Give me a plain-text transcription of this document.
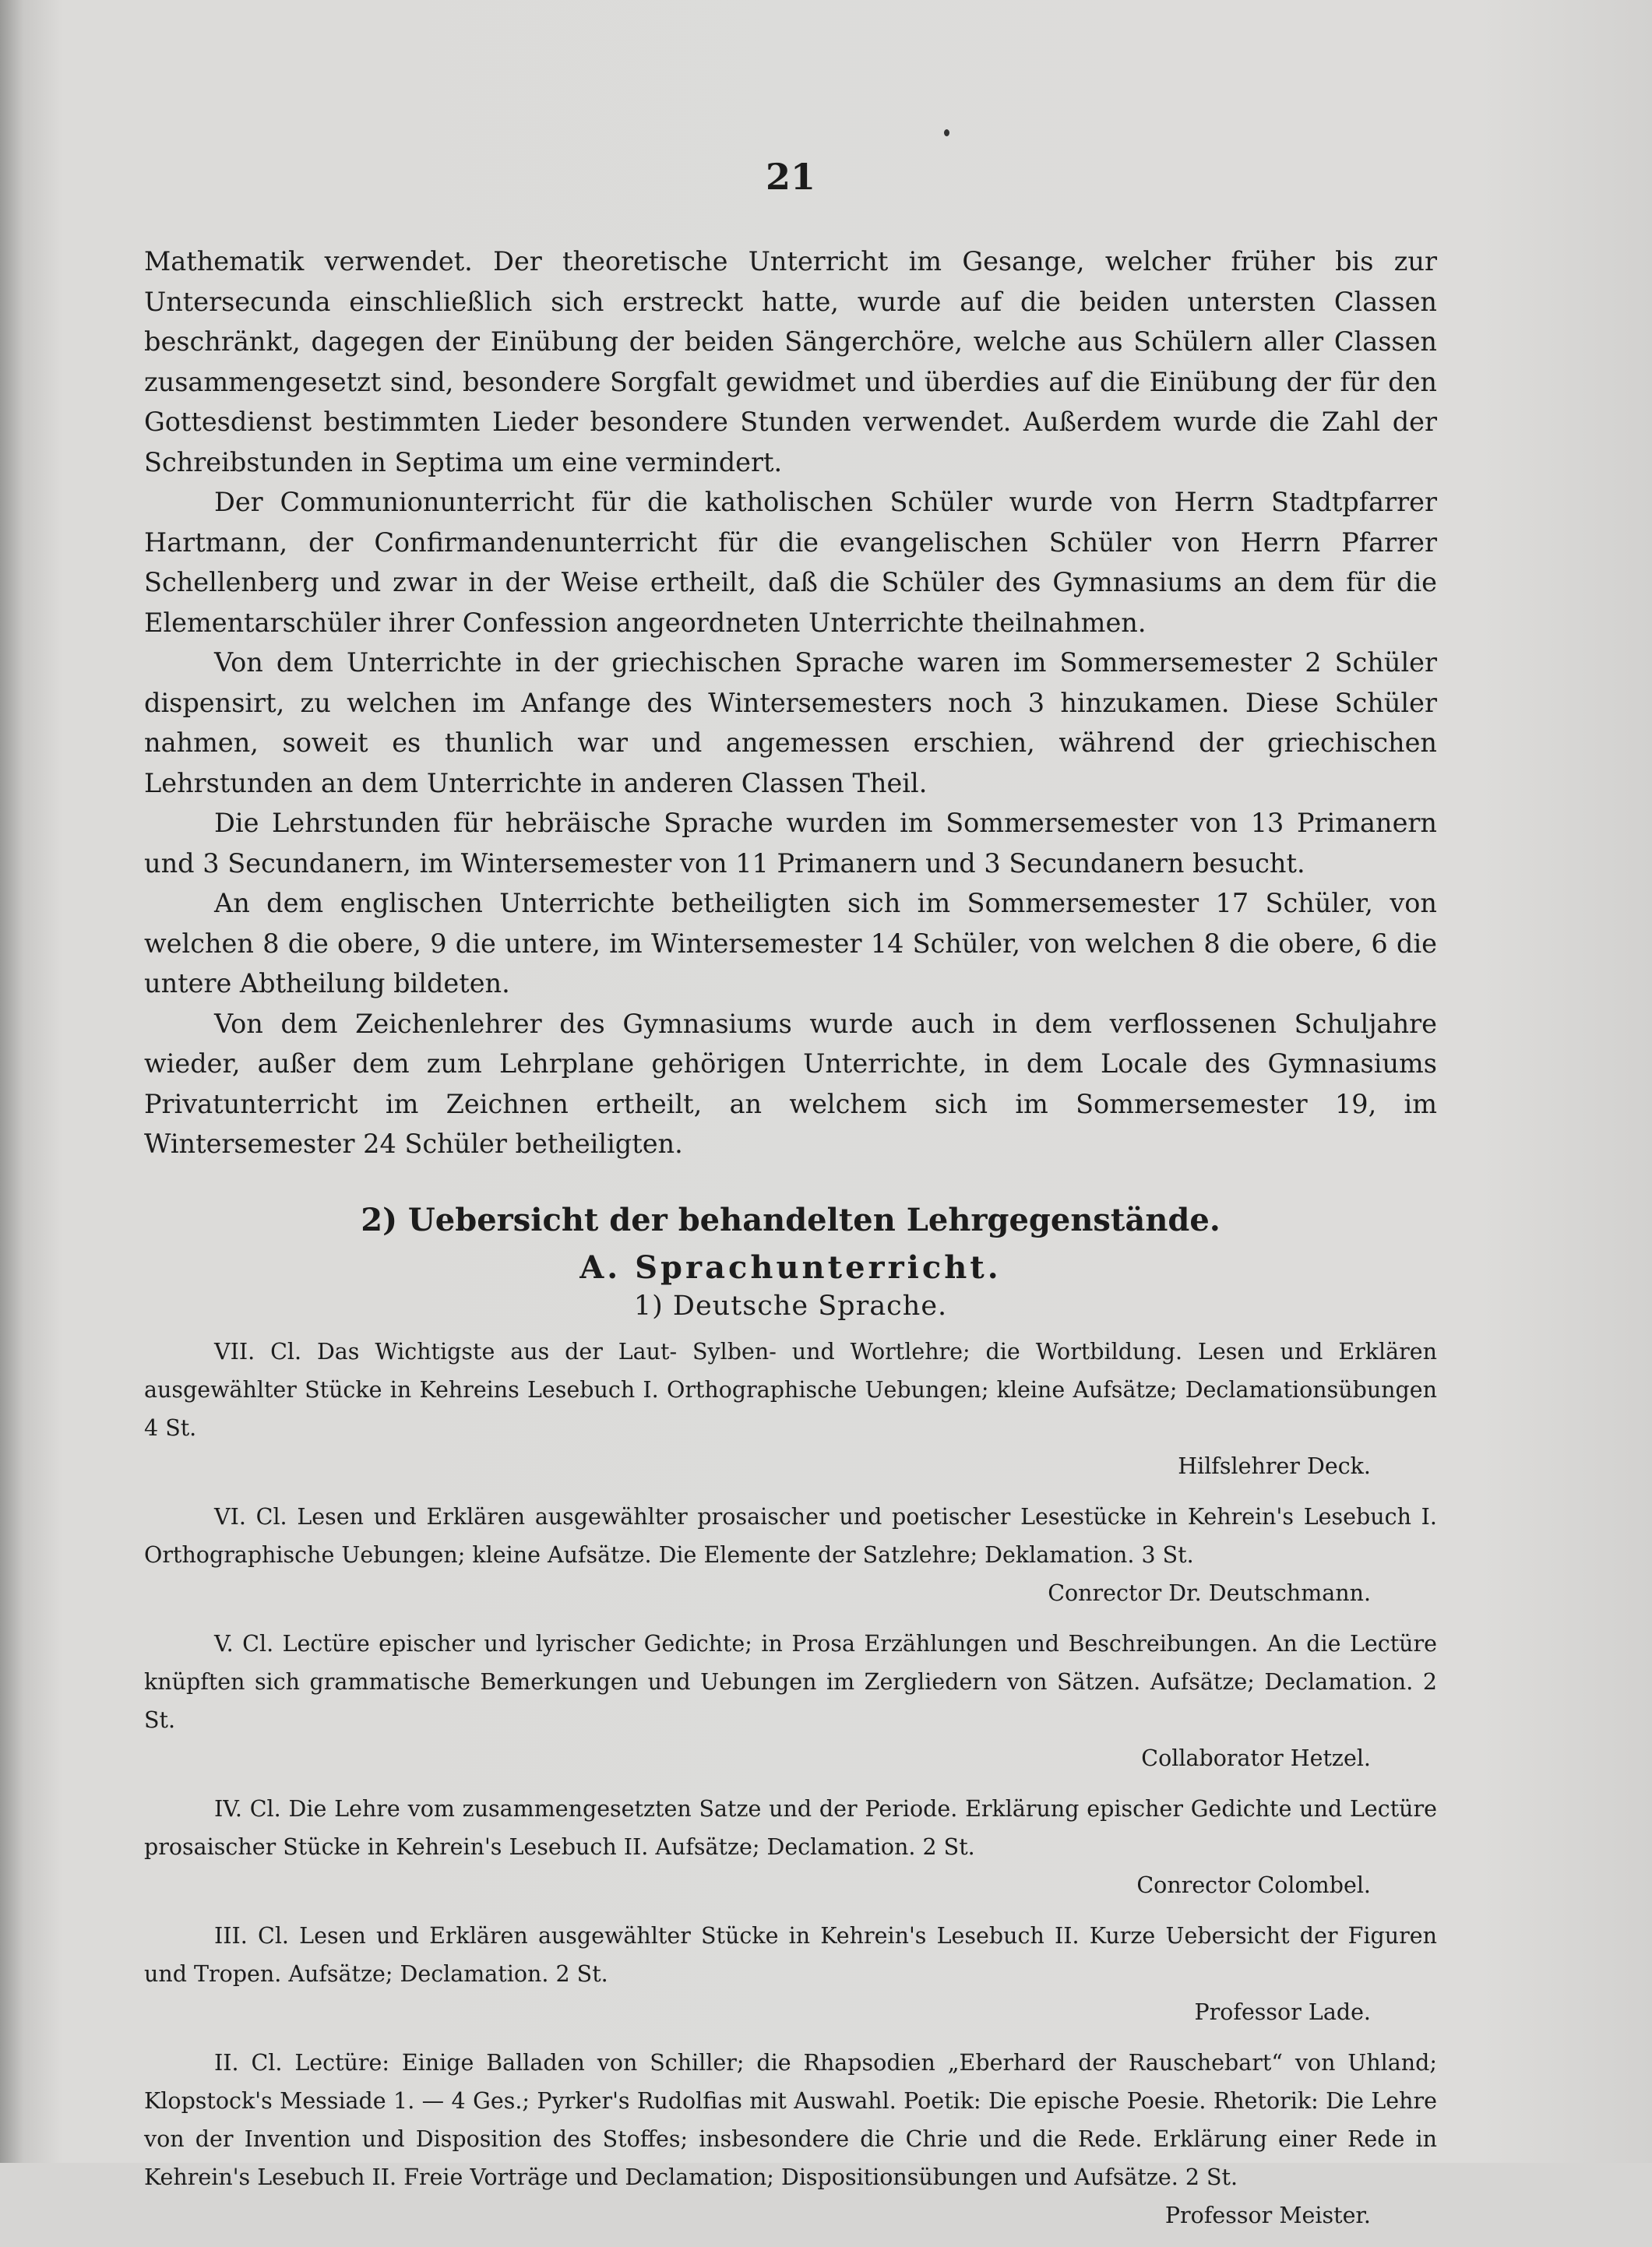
21

Mathematik verwendet. Der theoretische Unterricht im Gesange, welcher früher bis zur Untersecunda einschließlich sich erstreckt hatte, wurde auf die beiden untersten Classen beschränkt, dagegen der Einübung der beiden Sängerchöre, welche aus Schülern aller Classen zusammengesetzt sind, besondere Sorgfalt gewidmet und überdies auf die Einübung der für den Gottesdienst bestimmten Lieder besondere Stunden verwendet. Außerdem wurde die Zahl der Schreibstunden in Septima um eine vermindert.

Der Communionunterricht für die katholischen Schüler wurde von Herrn Stadtpfarrer Hartmann, der Confirmandenunterricht für die evangelischen Schüler von Herrn Pfarrer Schellenberg und zwar in der Weise ertheilt, daß die Schüler des Gymnasiums an dem für die Elementarschüler ihrer Confession angeordneten Unterrichte theilnahmen.

Von dem Unterrichte in der griechischen Sprache waren im Sommersemester 2 Schüler dispensirt, zu welchen im Anfange des Wintersemesters noch 3 hinzukamen. Diese Schüler nahmen, soweit es thunlich war und angemessen erschien, während der griechischen Lehrstunden an dem Unterrichte in anderen Classen Theil.

Die Lehrstunden für hebräische Sprache wurden im Sommersemester von 13 Primanern und 3 Secundanern, im Wintersemester von 11 Primanern und 3 Secundanern besucht.

An dem englischen Unterrichte betheiligten sich im Sommersemester 17 Schüler, von welchen 8 die obere, 9 die untere, im Wintersemester 14 Schüler, von welchen 8 die obere, 6 die untere Abtheilung bildeten.

Von dem Zeichenlehrer des Gymnasiums wurde auch in dem verflossenen Schuljahre wieder, außer dem zum Lehrplane gehörigen Unterrichte, in dem Locale des Gymnasiums Privatunterricht im Zeichnen ertheilt, an welchem sich im Sommersemester 19, im Wintersemester 24 Schüler betheiligten.

2) Uebersicht der behandelten Lehrgegenstände.
A. Sprachunterricht.
1) Deutsche Sprache.

VII. Cl. Das Wichtigste aus der Laut- Sylben- und Wortlehre; die Wortbildung. Lesen und Erklären ausgewählter Stücke in Kehreins Lesebuch I. Orthographische Uebungen; kleine Aufsätze; Declamationsübungen 4 St.

Hilfslehrer Deck.

VI. Cl. Lesen und Erklären ausgewählter prosaischer und poetischer Lesestücke in Kehrein's Lesebuch I. Orthographische Uebungen; kleine Aufsätze. Die Elemente der Satzlehre; Deklamation. 3 St.

Conrector Dr. Deutschmann.

V. Cl. Lectüre epischer und lyrischer Gedichte; in Prosa Erzählungen und Beschreibungen. An die Lectüre knüpften sich grammatische Bemerkungen und Uebungen im Zergliedern von Sätzen. Aufsätze; Declamation. 2 St.

Collaborator Hetzel.

IV. Cl. Die Lehre vom zusammengesetzten Satze und der Periode. Erklärung epischer Gedichte und Lectüre prosaischer Stücke in Kehrein's Lesebuch II. Aufsätze; Declamation. 2 St.

Conrector Colombel.

III. Cl. Lesen und Erklären ausgewählter Stücke in Kehrein's Lesebuch II. Kurze Uebersicht der Figuren und Tropen. Aufsätze; Declamation. 2 St.

Professor Lade.

II. Cl. Lectüre: Einige Balladen von Schiller; die Rhapsodien „Eberhard der Rauschebart“ von Uhland; Klopstock's Messiade 1. — 4 Ges.; Pyrker's Rudolfias mit Auswahl. Poetik: Die epische Poesie. Rhetorik: Die Lehre von der Invention und Disposition des Stoffes; insbesondere die Chrie und die Rede. Erklärung einer Rede in Kehrein's Lesebuch II. Freie Vorträge und Declamation; Dispositionsübungen und Aufsätze. 2 St.

Professor Meister.
